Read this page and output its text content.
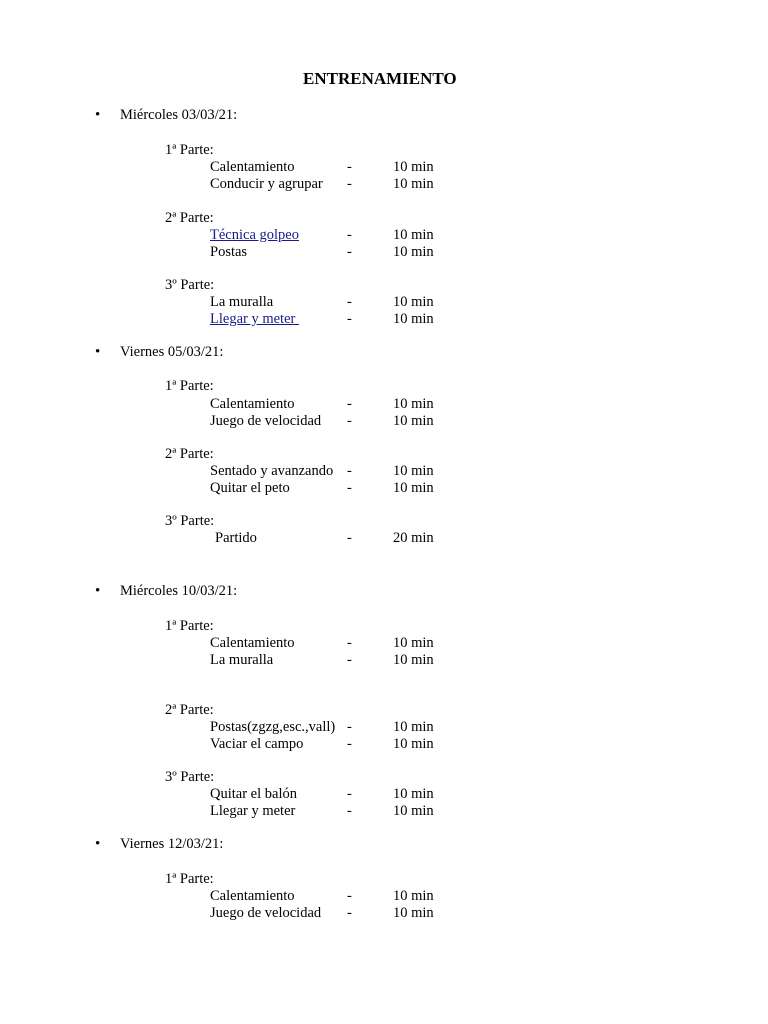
ENTRENAMIENTO
• Miércoles 03/03/21:
1ª Parte:
Calentamiento	-	10 min
Conducir y agrupar -	10 min
2ª Parte:
Técnica golpeo	-	10 min
Postas	-	10 min
3º Parte:
La muralla	-	10 min
Llegar y meter	-	10 min
• Viernes 05/03/21:
1ª Parte:
Calentamiento	-	10 min
Juego de velocidad -	10 min
2ª Parte:
Sentado y avanzando -	10 min
Quitar el peto	-	10 min
3º Parte:
Partido	-	20 min
• Miércoles 10/03/21:
1ª Parte:
Calentamiento	-	10 min
La muralla	-	10 min
2ª Parte:
Postas(zgzg,esc.,vall) -	10 min
Vaciar el campo	-	10 min
3º Parte:
Quitar el balón	-	10 min
Llegar y meter	-	10 min
• Viernes 12/03/21:
1ª Parte:
Calentamiento	-	10 min
Juego de velocidad -	10 min
